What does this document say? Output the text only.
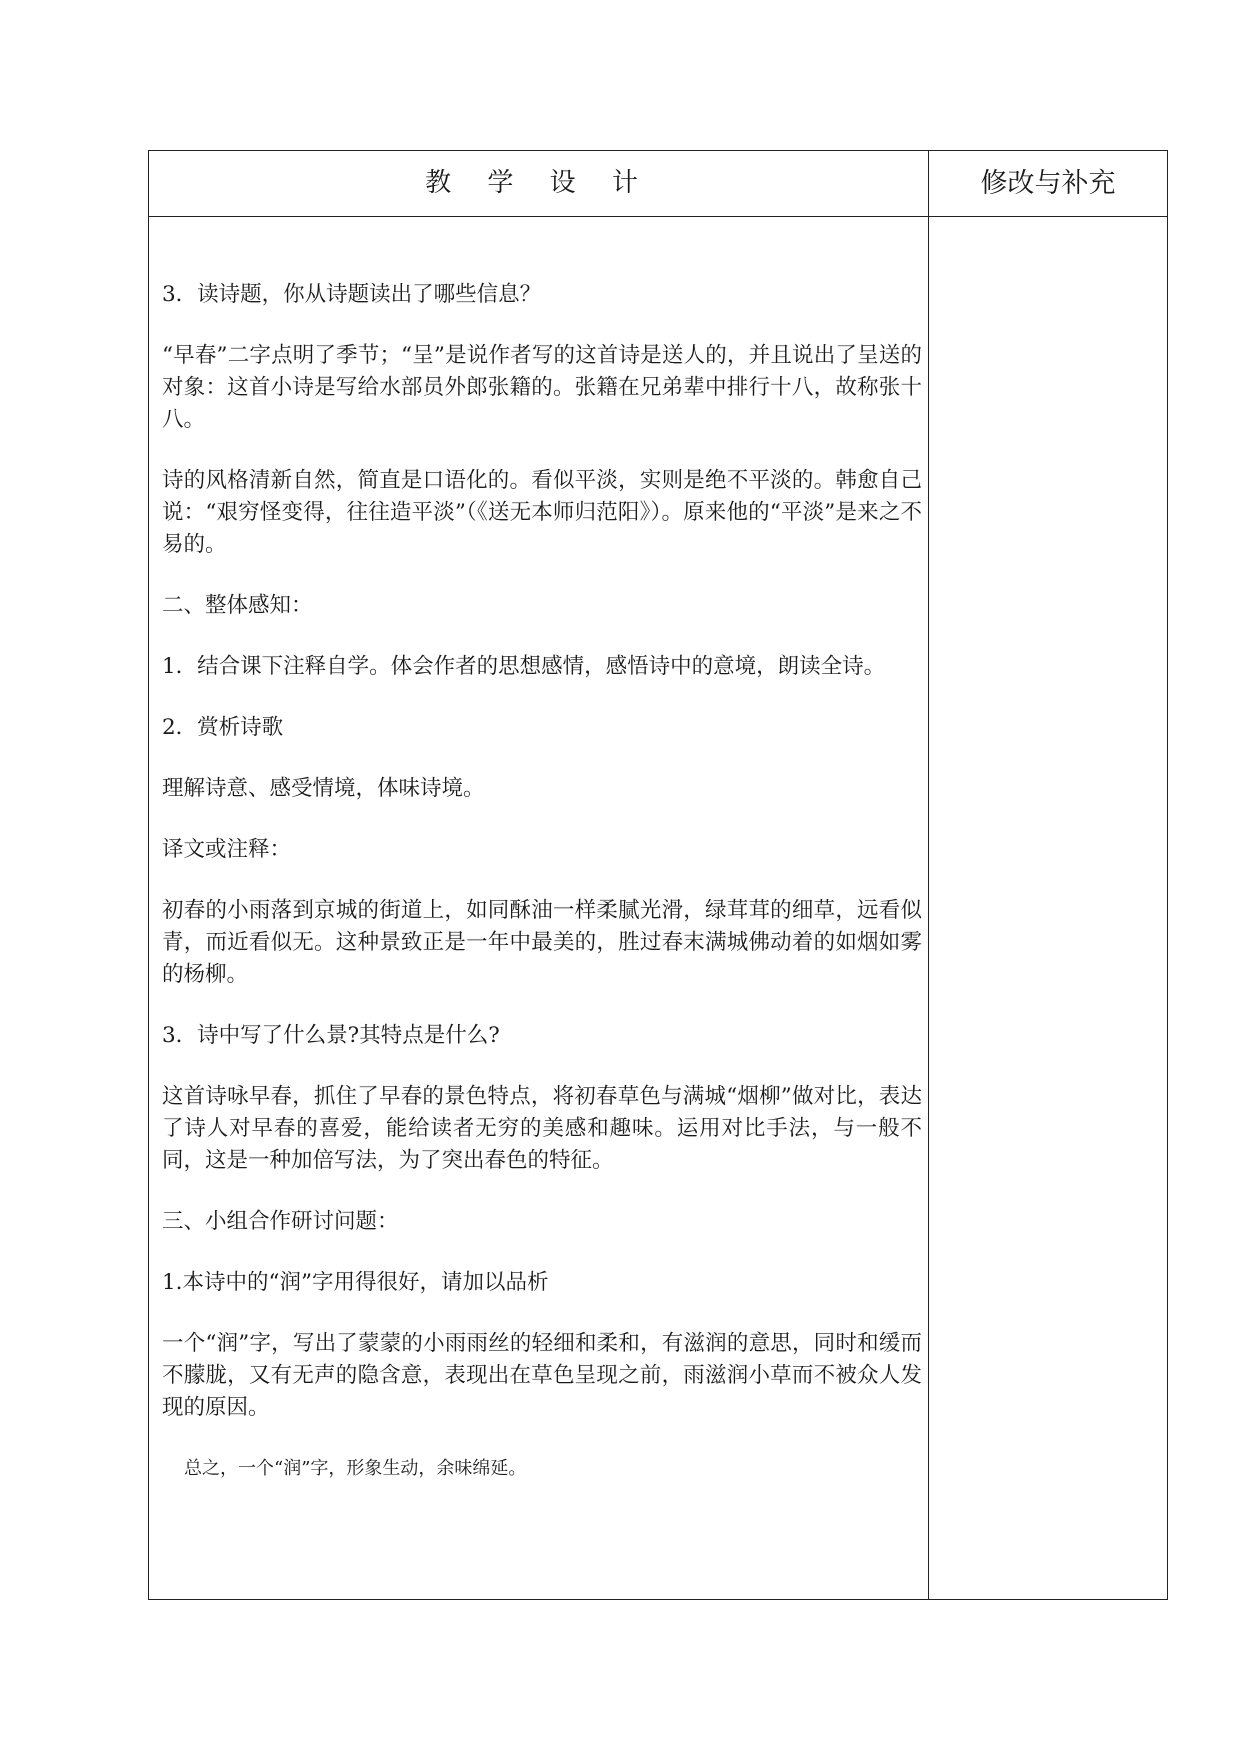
教 学 设 计	修改与补充

3．读诗题，你从诗题读出了哪些信息？

“早春”二字点明了季节；“呈”是说作者写的这首诗是送人的，并且说出了呈送的对象：这首小诗是写给水部员外郎张籍的。张籍在兄弟辈中排行十八，故称张十八。

诗的风格清新自然，简直是口语化的。看似平淡，实则是绝不平淡的。韩愈自己说：“艰穷怪变得，往往造平淡”（《送无本师归范阳》）。原来他的“平淡”是来之不易的。

二、整体感知：

1．结合课下注释自学。体会作者的思想感情，感悟诗中的意境，朗读全诗。

2．赏析诗歌

理解诗意、感受情境，体味诗境。

译文或注释：

初春的小雨落到京城的街道上，如同酥油一样柔腻光滑，绿茸茸的细草，远看似青，而近看似无。这种景致正是一年中最美的，胜过春末满城佛动着的如烟如雾的杨柳。

3．诗中写了什么景?其特点是什么?

这首诗咏早春，抓住了早春的景色特点，将初春草色与满城“烟柳”做对比，表达了诗人对早春的喜爱，能给读者无穷的美感和趣味。运用对比手法，与一般不同，这是一种加倍写法，为了突出春色的特征。

三、小组合作研讨问题：

1.本诗中的“润”字用得很好，请加以品析

一个“润”字，写出了蒙蒙的小雨雨丝的轻细和柔和，有滋润的意思，同时和缓而不朦胧，又有无声的隐含意，表现出在草色呈现之前，雨滋润小草而不被众人发现的原因。

总之，一个“润”字，形象生动，余味绵延。
